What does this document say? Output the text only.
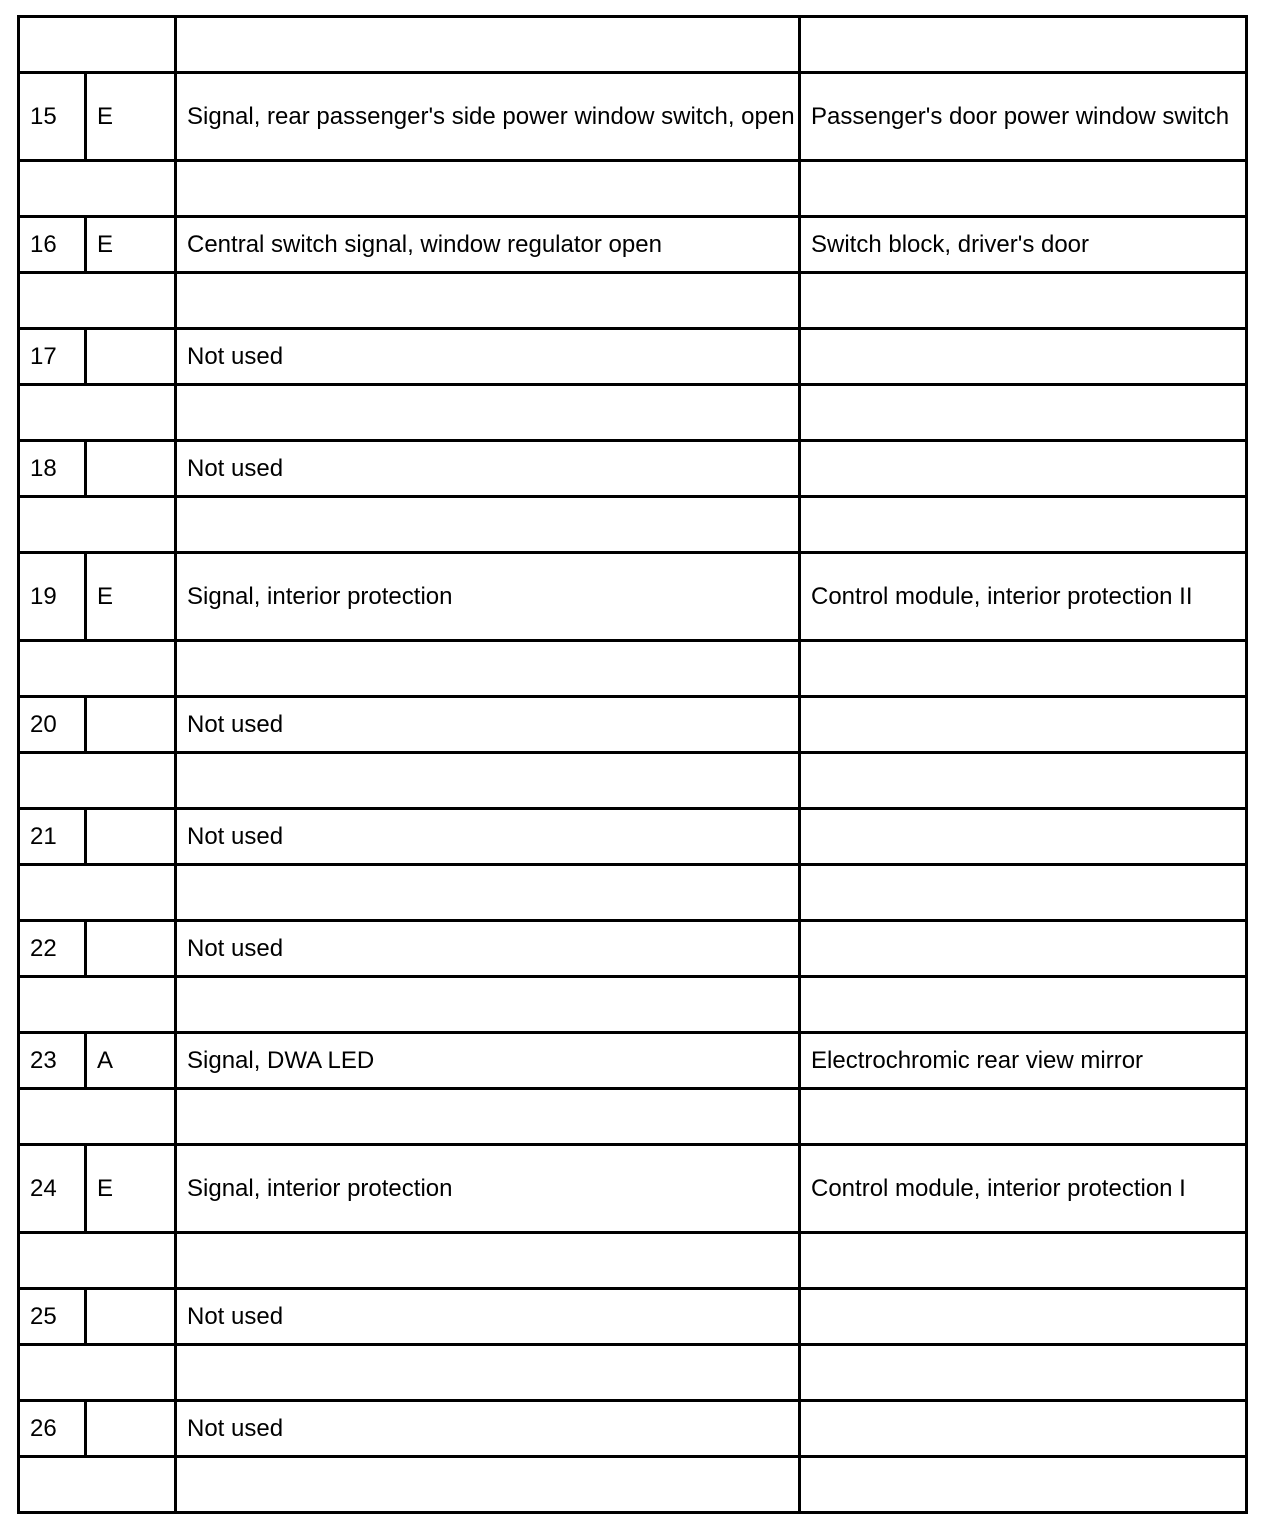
15	E	Signal, rear passenger's side power window switch, open	Passenger's door power window switch

16	E	Central switch signal, window regulator open	Switch block, driver's door

17		Not used	

18		Not used	

19	E	Signal, interior protection	Control module, interior protection II

20		Not used	

21		Not used	

22		Not used	

23	A	Signal, DWA LED	Electrochromic rear view mirror

24	E	Signal, interior protection	Control module, interior protection I

25		Not used	

26		Not used	
